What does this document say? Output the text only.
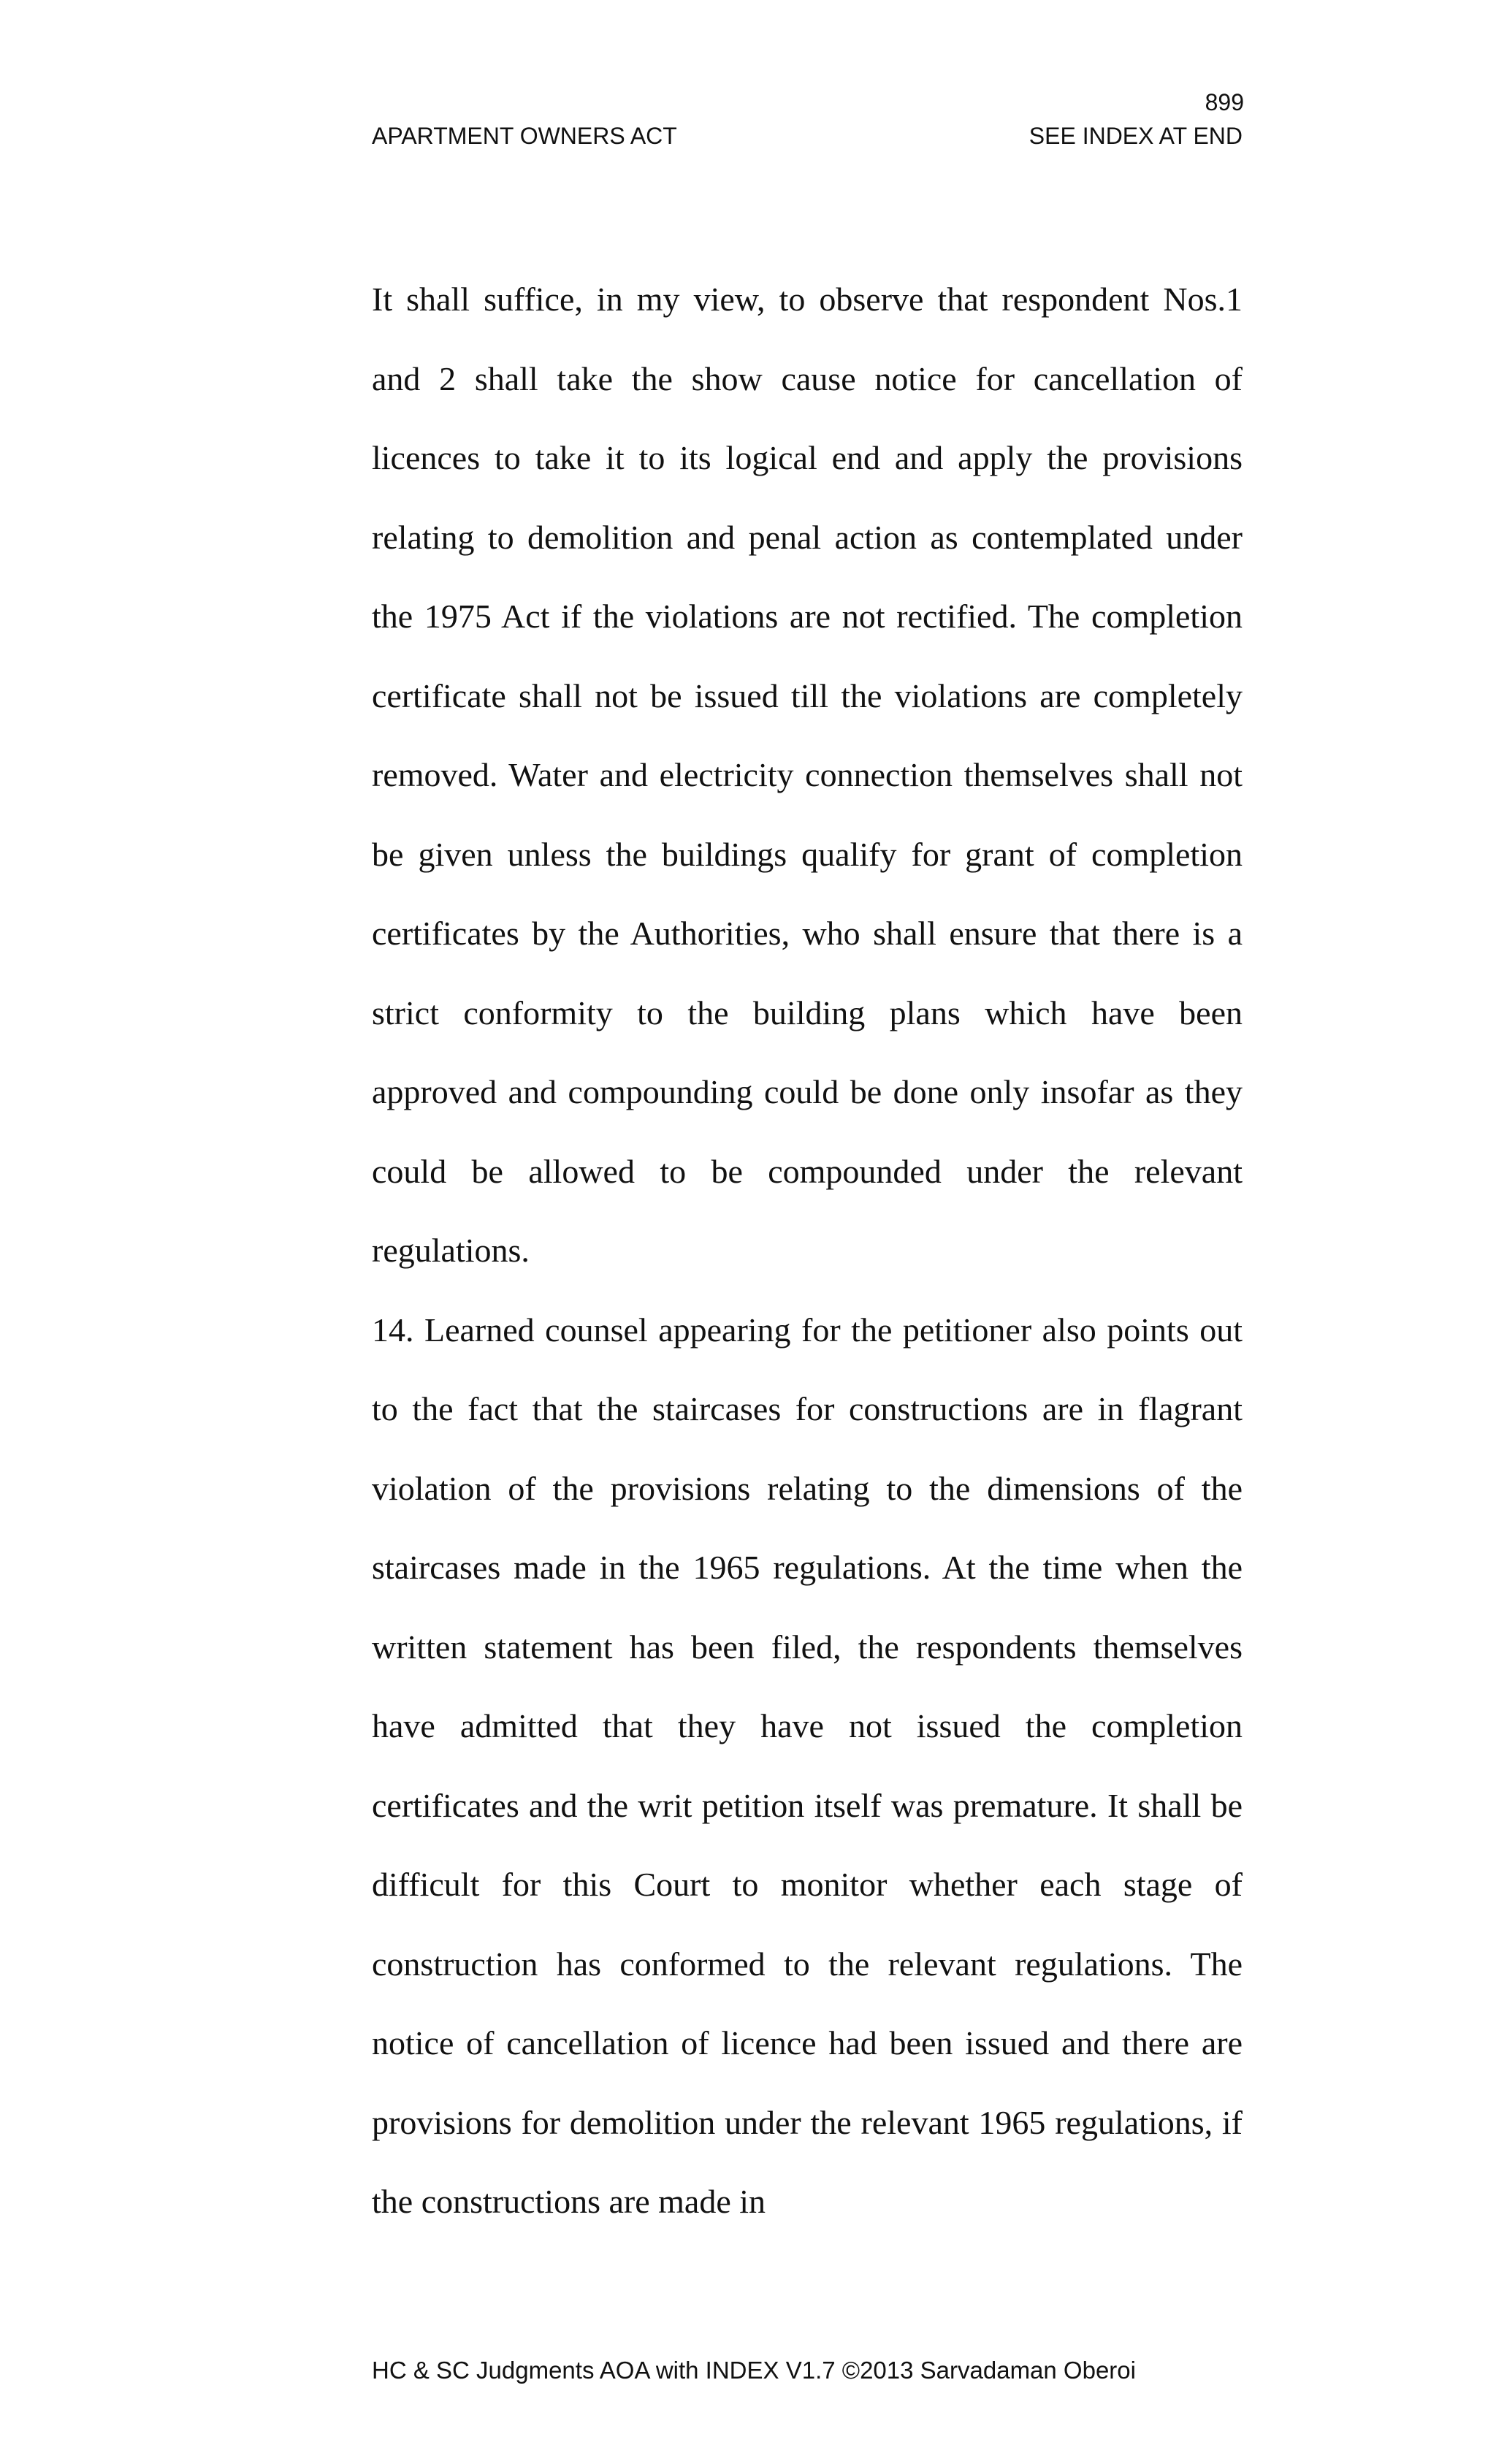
899
APARTMENT OWNERS ACT	SEE INDEX AT END

It shall suffice, in my view, to observe that respondent Nos.1 and 2 shall take the show cause notice for cancellation of licences to take it to its logical end and apply the provisions relating to demolition and penal action as contemplated under the 1975 Act if the violations are not rectified. The completion certificate shall not be issued till the violations are completely removed. Water and electricity connection themselves shall not be given unless the buildings qualify for grant of completion certificates by the Authorities, who shall ensure that there is a strict conformity to the building plans which have been approved and compounding could be done only insofar as they could be allowed to be compounded under the relevant regulations.

14. Learned counsel appearing for the petitioner also points out to the fact that the staircases for constructions are in flagrant violation of the provisions relating to the dimensions of the staircases made in the 1965 regulations. At the time when the written statement has been filed, the respondents themselves have admitted that they have not issued the completion certificates and the writ petition itself was premature. It shall be difficult for this Court to monitor whether each stage of construction has conformed to the relevant regulations. The notice of cancellation of licence had been issued and there are provisions for demolition under the relevant 1965 regulations, if the constructions are made in

HC & SC Judgments AOA with INDEX V1.7 ©2013 Sarvadaman Oberoi
